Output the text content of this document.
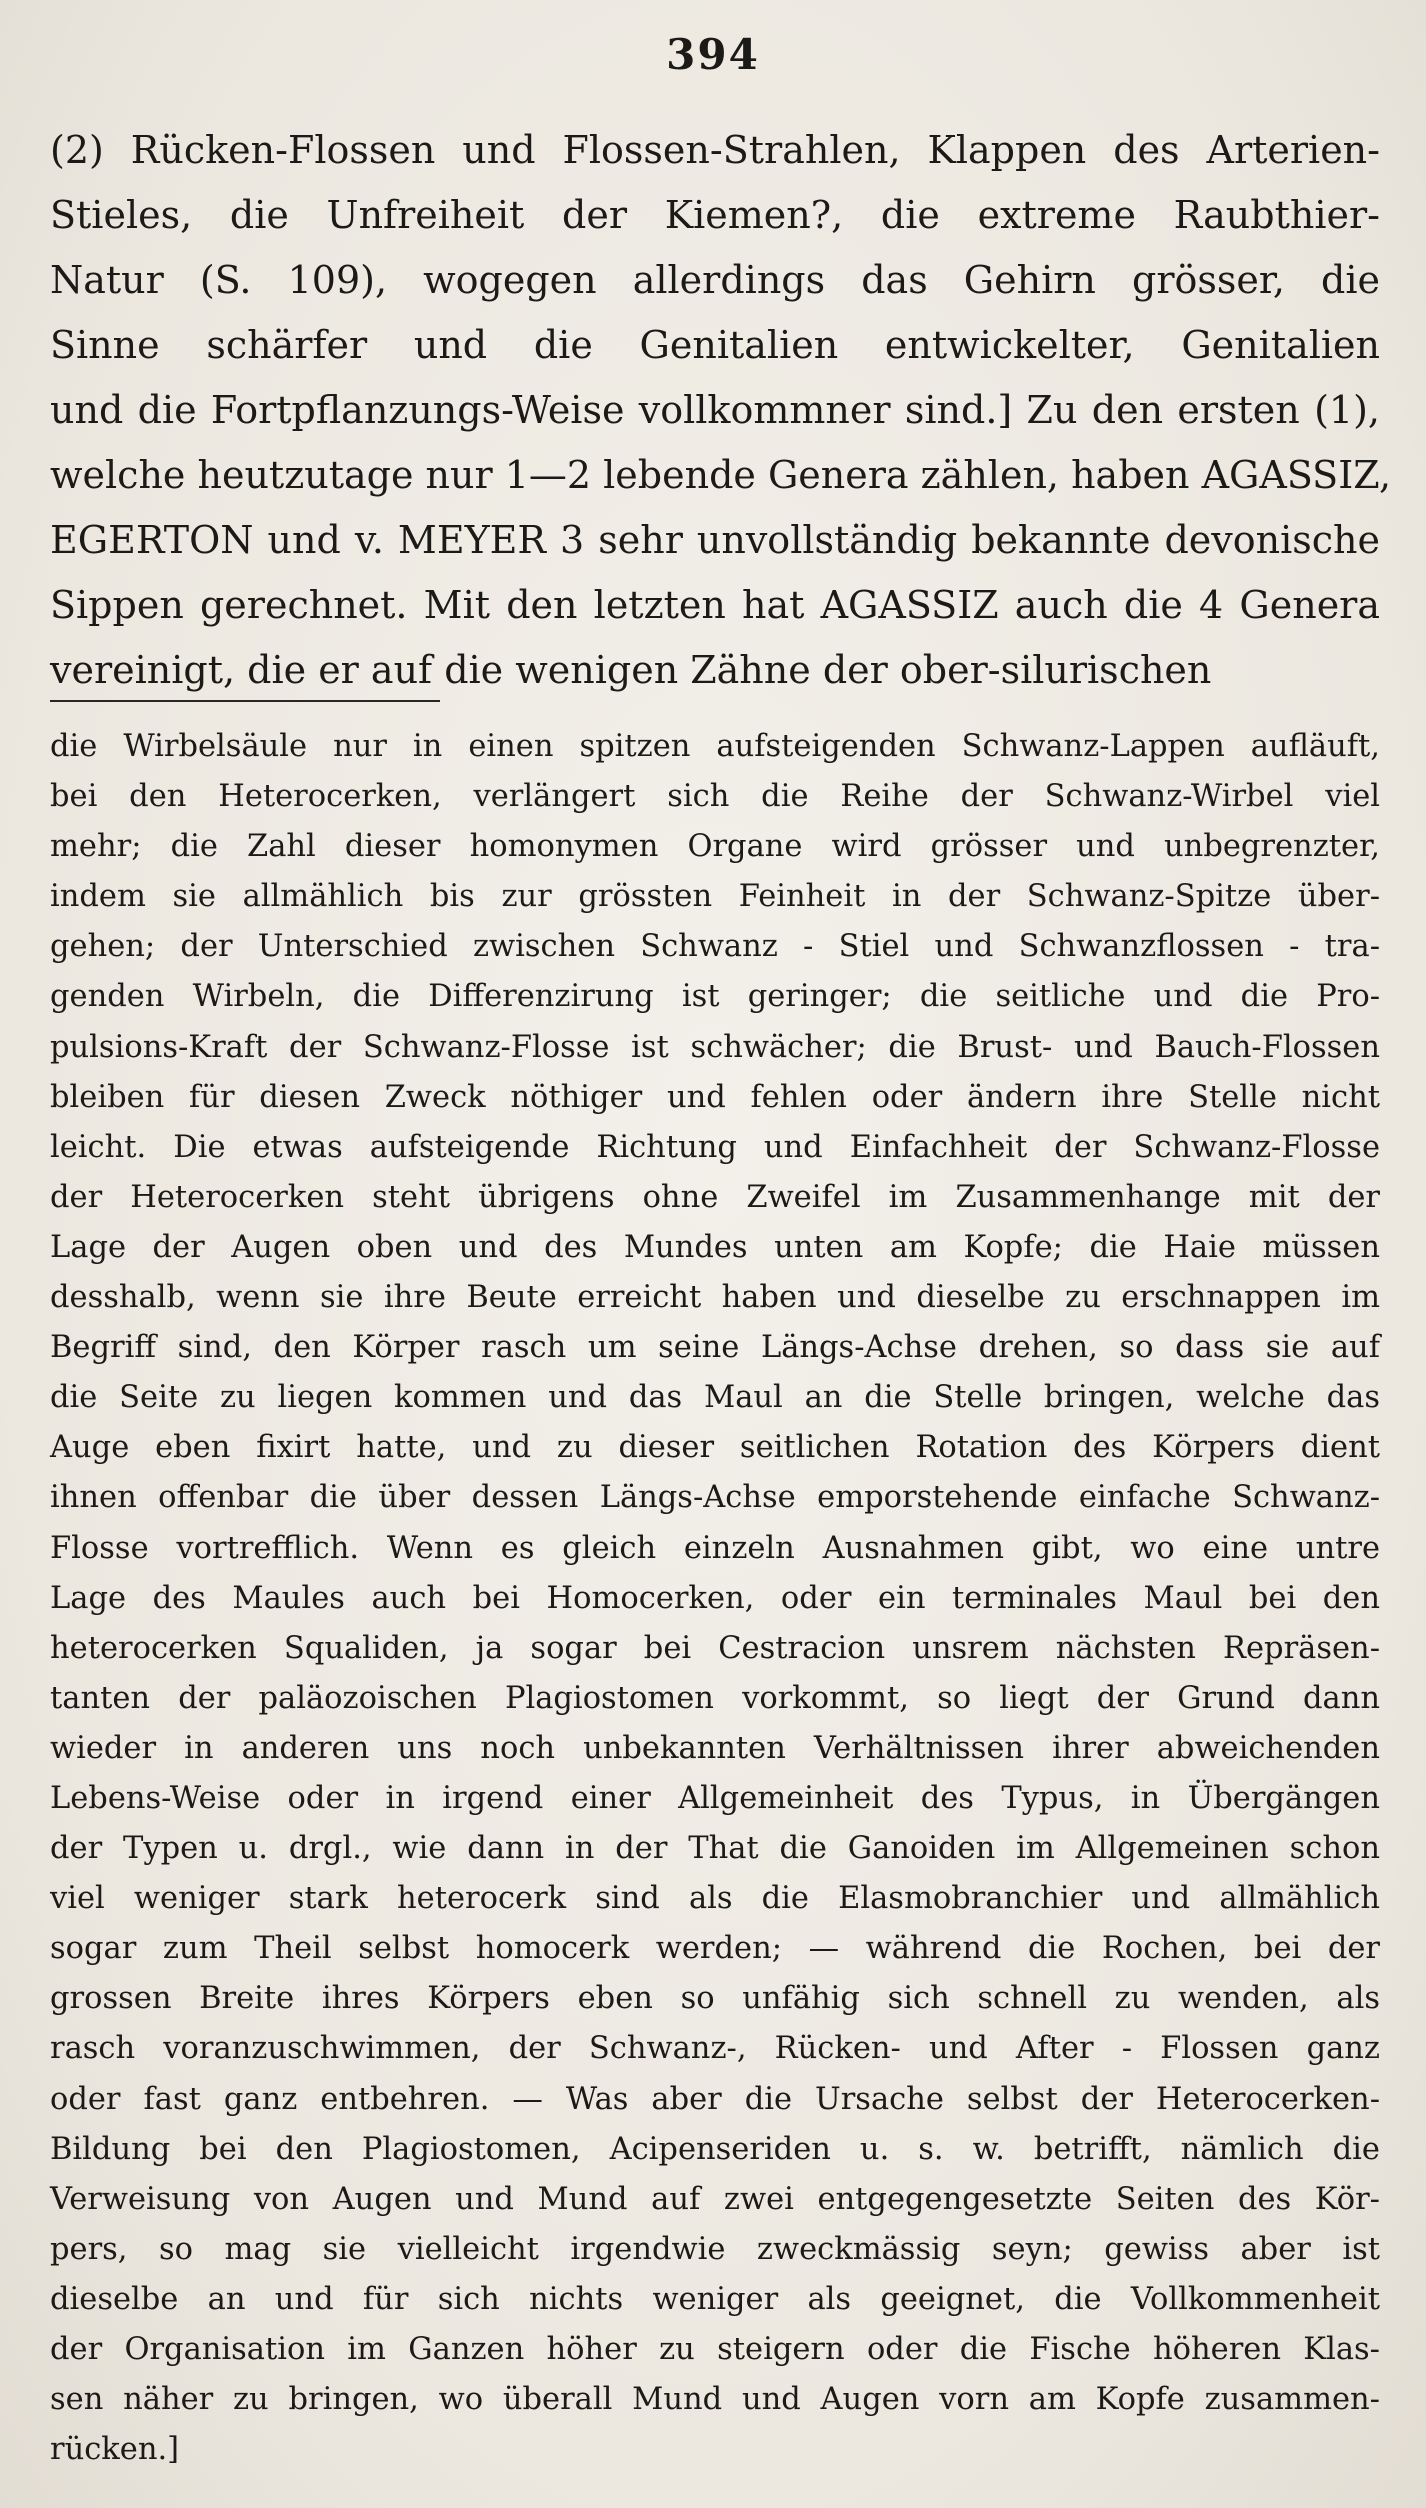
394
(2) Rücken-Flossen und Flossen-Strahlen, Klappen des Arterien-
Stieles, die Unfreiheit der Kiemen?, die extreme Raubthier-
Natur (S. 109), wogegen allerdings das Gehirn grösser, die
Sinne schärfer und die Genitalien entwickelter, Genitalien
und die Fortpflanzungs-Weise vollkommner sind.] Zu den ersten (1),
welche heutzutage nur 1—2 lebende Genera zählen, haben AGASSIZ,
EGERTON und v. MEYER 3 sehr unvollständig bekannte devonische
Sippen gerechnet. Mit den letzten hat AGASSIZ auch die 4 Genera
vereinigt, die er auf die wenigen Zähne der ober-silurischen
die Wirbelsäule nur in einen spitzen aufsteigenden Schwanz-Lappen aufläuft,
bei den Heterocerken, verlängert sich die Reihe der Schwanz-Wirbel viel
mehr; die Zahl dieser homonymen Organe wird grösser und unbegrenzter,
indem sie allmählich bis zur grössten Feinheit in der Schwanz-Spitze über-
gehen; der Unterschied zwischen Schwanz - Stiel und Schwanzflossen - tra-
genden Wirbeln, die Differenzirung ist geringer; die seitliche und die Pro-
pulsions-Kraft der Schwanz-Flosse ist schwächer; die Brust- und Bauch-Flossen
bleiben für diesen Zweck nöthiger und fehlen oder ändern ihre Stelle nicht
leicht. Die etwas aufsteigende Richtung und Einfachheit der Schwanz-Flosse
der Heterocerken steht übrigens ohne Zweifel im Zusammenhange mit der
Lage der Augen oben und des Mundes unten am Kopfe; die Haie müssen
desshalb, wenn sie ihre Beute erreicht haben und dieselbe zu erschnappen im
Begriff sind, den Körper rasch um seine Längs-Achse drehen, so dass sie auf
die Seite zu liegen kommen und das Maul an die Stelle bringen, welche das
Auge eben fixirt hatte, und zu dieser seitlichen Rotation des Körpers dient
ihnen offenbar die über dessen Längs-Achse emporstehende einfache Schwanz-
Flosse vortrefflich. Wenn es gleich einzeln Ausnahmen gibt, wo eine untre
Lage des Maules auch bei Homocerken, oder ein terminales Maul bei den
heterocerken Squaliden, ja sogar bei Cestracion unsrem nächsten Repräsen-
tanten der paläozoischen Plagiostomen vorkommt, so liegt der Grund dann
wieder in anderen uns noch unbekannten Verhältnissen ihrer abweichenden
Lebens-Weise oder in irgend einer Allgemeinheit des Typus, in Übergängen
der Typen u. drgl., wie dann in der That die Ganoiden im Allgemeinen schon
viel weniger stark heterocerk sind als die Elasmobranchier und allmählich
sogar zum Theil selbst homocerk werden; — während die Rochen, bei der
grossen Breite ihres Körpers eben so unfähig sich schnell zu wenden, als
rasch voranzuschwimmen, der Schwanz-, Rücken- und After - Flossen ganz
oder fast ganz entbehren. — Was aber die Ursache selbst der Heterocerken-
Bildung bei den Plagiostomen, Acipenseriden u. s. w. betrifft, nämlich die
Verweisung von Augen und Mund auf zwei entgegengesetzte Seiten des Kör-
pers, so mag sie vielleicht irgendwie zweckmässig seyn; gewiss aber ist
dieselbe an und für sich nichts weniger als geeignet, die Vollkommenheit
der Organisation im Ganzen höher zu steigern oder die Fische höheren Klas-
sen näher zu bringen, wo überall Mund und Augen vorn am Kopfe zusammen-
rücken.]
